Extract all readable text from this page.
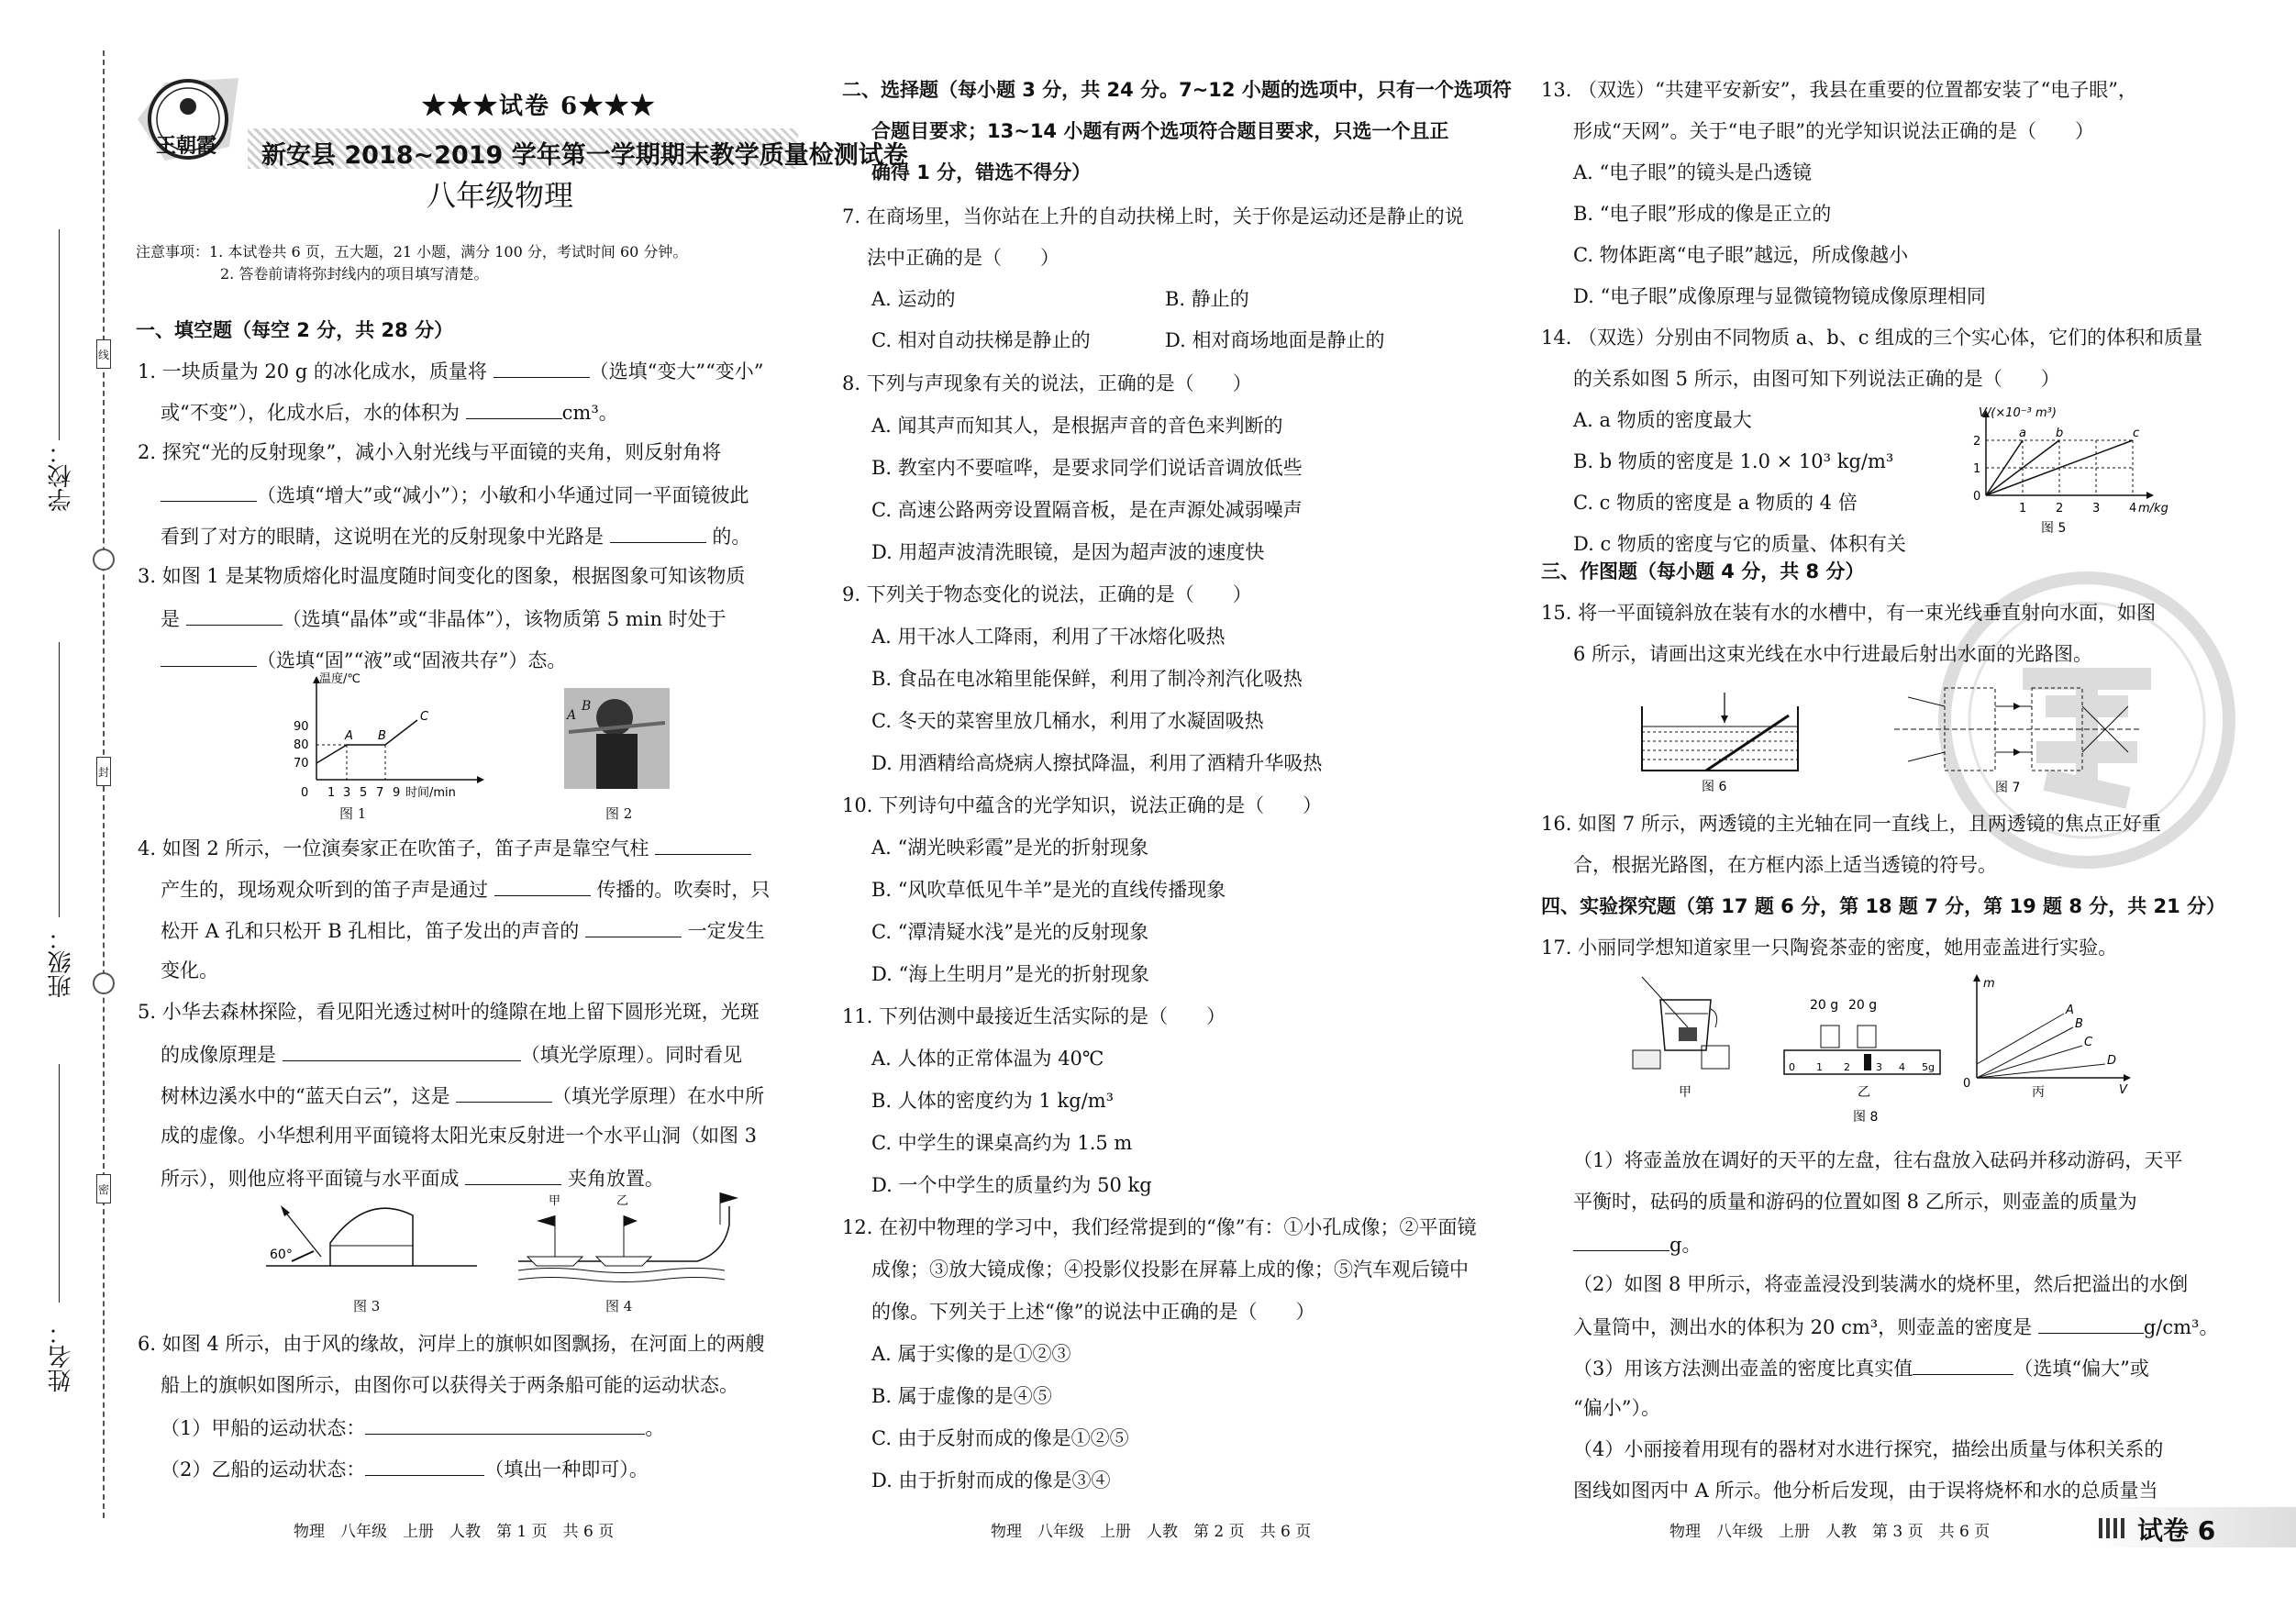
线
封
密
学校：
班级：
姓名：
王朝霞
★★★试卷 6★★★
新安县 2018~2019 学年第一学期期末教学质量检测试卷
八年级物理
注意事项：1. 本试卷共 6 页，五大题，21 小题，满分 100 分，考试时间 60 分钟。
2. 答卷前请将弥封线内的项目填写清楚。
一、填空题（每空 2 分，共 28 分）
1. 一块质量为 20 g 的冰化成水，质量将	（选填“变大”“变小”
或“不变”），化成水后，水的体积为	cm³。
2. 探究“光的反射现象”，减小入射光线与平面镜的夹角，则反射角将
（选填“增大”或“减小”）；小敏和小华通过同一平面镜彼此
看到了对方的眼睛，这说明在光的反射现象中光路是	的。
3. 如图 1 是某物质熔化时温度随时间变化的图象，根据图象可知该物质
是	（选填“晶体”或“非晶体”），该物质第 5 min 时处于
（选填“固”“液”或“固液共存”）态。
温度/℃
90
80
70
0 1 3 5 7 9 时间/min
A B
C
图 1
A
B
图 2
4. 如图 2 所示，一位演奏家正在吹笛子，笛子声是靠空气柱
产生的，现场观众听到的笛子声是通过	传播的。吹奏时，只
松开 A 孔和只松开 B 孔相比，笛子发出的声音的	一定发生
变化。
5. 小华去森林探险，看见阳光透过树叶的缝隙在地上留下圆形光斑，光斑
的成像原理是	（填光学原理）。同时看见
树林边溪水中的“蓝天白云”，这是	（填光学原理）在水中所
成的虚像。小华想利用平面镜将太阳光束反射进一个水平山洞（如图 3
所示），则他应将平面镜与水平面成	夹角放置。
60°
图 3
甲	乙
图 4
6. 如图 4 所示，由于风的缘故，河岸上的旗帜如图飘扬，在河面上的两艘
船上的旗帜如图所示，由图你可以获得关于两条船可能的运动状态。
（1）甲船的运动状态：	。
（2）乙船的运动状态：	（填出一种即可）。
物理　八年级　上册　人教　第 1 页　共 6 页
二、选择题（每小题 3 分，共 24 分。7~12 小题的选项中，只有一个选项符
合题目要求；13~14 小题有两个选项符合题目要求，只选一个且正
确得 1 分，错选不得分）
7. 在商场里，当你站在上升的自动扶梯上时，关于你是运动还是静止的说
法中正确的是（　　）
A. 运动的	B. 静止的
C. 相对自动扶梯是静止的	D. 相对商场地面是静止的
8. 下列与声现象有关的说法，正确的是（　　）
A. 闻其声而知其人，是根据声音的音色来判断的
B. 教室内不要喧哗，是要求同学们说话音调放低些
C. 高速公路两旁设置隔音板，是在声源处减弱噪声
D. 用超声波清洗眼镜，是因为超声波的速度快
9. 下列关于物态变化的说法，正确的是（　　）
A. 用干冰人工降雨，利用了干冰熔化吸热
B. 食品在电冰箱里能保鲜，利用了制冷剂汽化吸热
C. 冬天的菜窖里放几桶水，利用了水凝固吸热
D. 用酒精给高烧病人擦拭降温，利用了酒精升华吸热
10. 下列诗句中蕴含的光学知识，说法正确的是（　　）
A. “湖光映彩霞”是光的折射现象
B. “风吹草低见牛羊”是光的直线传播现象
C. “潭清疑水浅”是光的反射现象
D. “海上生明月”是光的折射现象
11. 下列估测中最接近生活实际的是（　　）
A. 人体的正常体温为 40℃
B. 人体的密度约为 1 kg/m³
C. 中学生的课桌高约为 1.5 m
D. 一个中学生的质量约为 50 kg
12. 在初中物理的学习中，我们经常提到的“像”有：①小孔成像；②平面镜
成像；③放大镜成像；④投影仪投影在屏幕上成的像；⑤汽车观后镜中
的像。下列关于上述“像”的说法中正确的是（　　）
A. 属于实像的是①②③
B. 属于虚像的是④⑤
C. 由于反射而成的像是①②⑤
D. 由于折射而成的像是③④
物理　八年级　上册　人教　第 2 页　共 6 页
13. （双选）“共建平安新安”，我县在重要的位置都安装了“电子眼”，
形成“天网”。关于“电子眼”的光学知识说法正确的是（　　）
A. “电子眼”的镜头是凸透镜
B. “电子眼”形成的像是正立的
C. 物体距离“电子眼”越远，所成像越小
D. “电子眼”成像原理与显微镜物镜成像原理相同
14. （双选）分别由不同物质 a、b、c 组成的三个实心体，它们的体积和质量
的关系如图 5 所示，由图可知下列说法正确的是（　　）
A. a 物质的密度最大
B. b 物质的密度是 1.0 × 10³ kg/m³
C. c 物质的密度是 a 物质的 4 倍
D. c 物质的密度与它的质量、体积有关
V/(×10⁻³ m³)
2
1
0
1 2 3 4 m/kg
a b	c
图 5
三、作图题（每小题 4 分，共 8 分）
15. 将一平面镜斜放在装有水的水槽中，有一束光线垂直射向水面，如图
6 所示，请画出这束光线在水中行进最后射出水面的光路图。
图 6	图 7
16. 如图 7 所示，两透镜的主光轴在同一直线上，且两透镜的焦点正好重
合，根据光路图，在方框内添上适当透镜的符号。
四、实验探究题（第 17 题 6 分，第 18 题 7 分，第 19 题 8 分，共 21 分）
17. 小丽同学想知道家里一只陶瓷茶壶的密度，她用壶盖进行实验。
甲
20 g 20 g
0 1 2	3 4 5g
乙
m
A
B
C
D
V
0
丙
图 8
（1）将壶盖放在调好的天平的左盘，往右盘放入砝码并移动游码，天平
平衡时，砝码的质量和游码的位置如图 8 乙所示，则壶盖的质量为
g。
（2）如图 8 甲所示，将壶盖浸没到装满水的烧杯里，然后把溢出的水倒
入量筒中，测出水的体积为 20 cm³，则壶盖的密度是	g/cm³。
（3）用该方法测出壶盖的密度比真实值	（选填“偏大”或
“偏小”）。
（4）小丽接着用现有的器材对水进行探究，描绘出质量与体积关系的
图线如图丙中 A 所示。他分析后发现，由于误将烧杯和水的总质量当
物理　八年级　上册　人教　第 3 页　共 6 页	试卷 6
